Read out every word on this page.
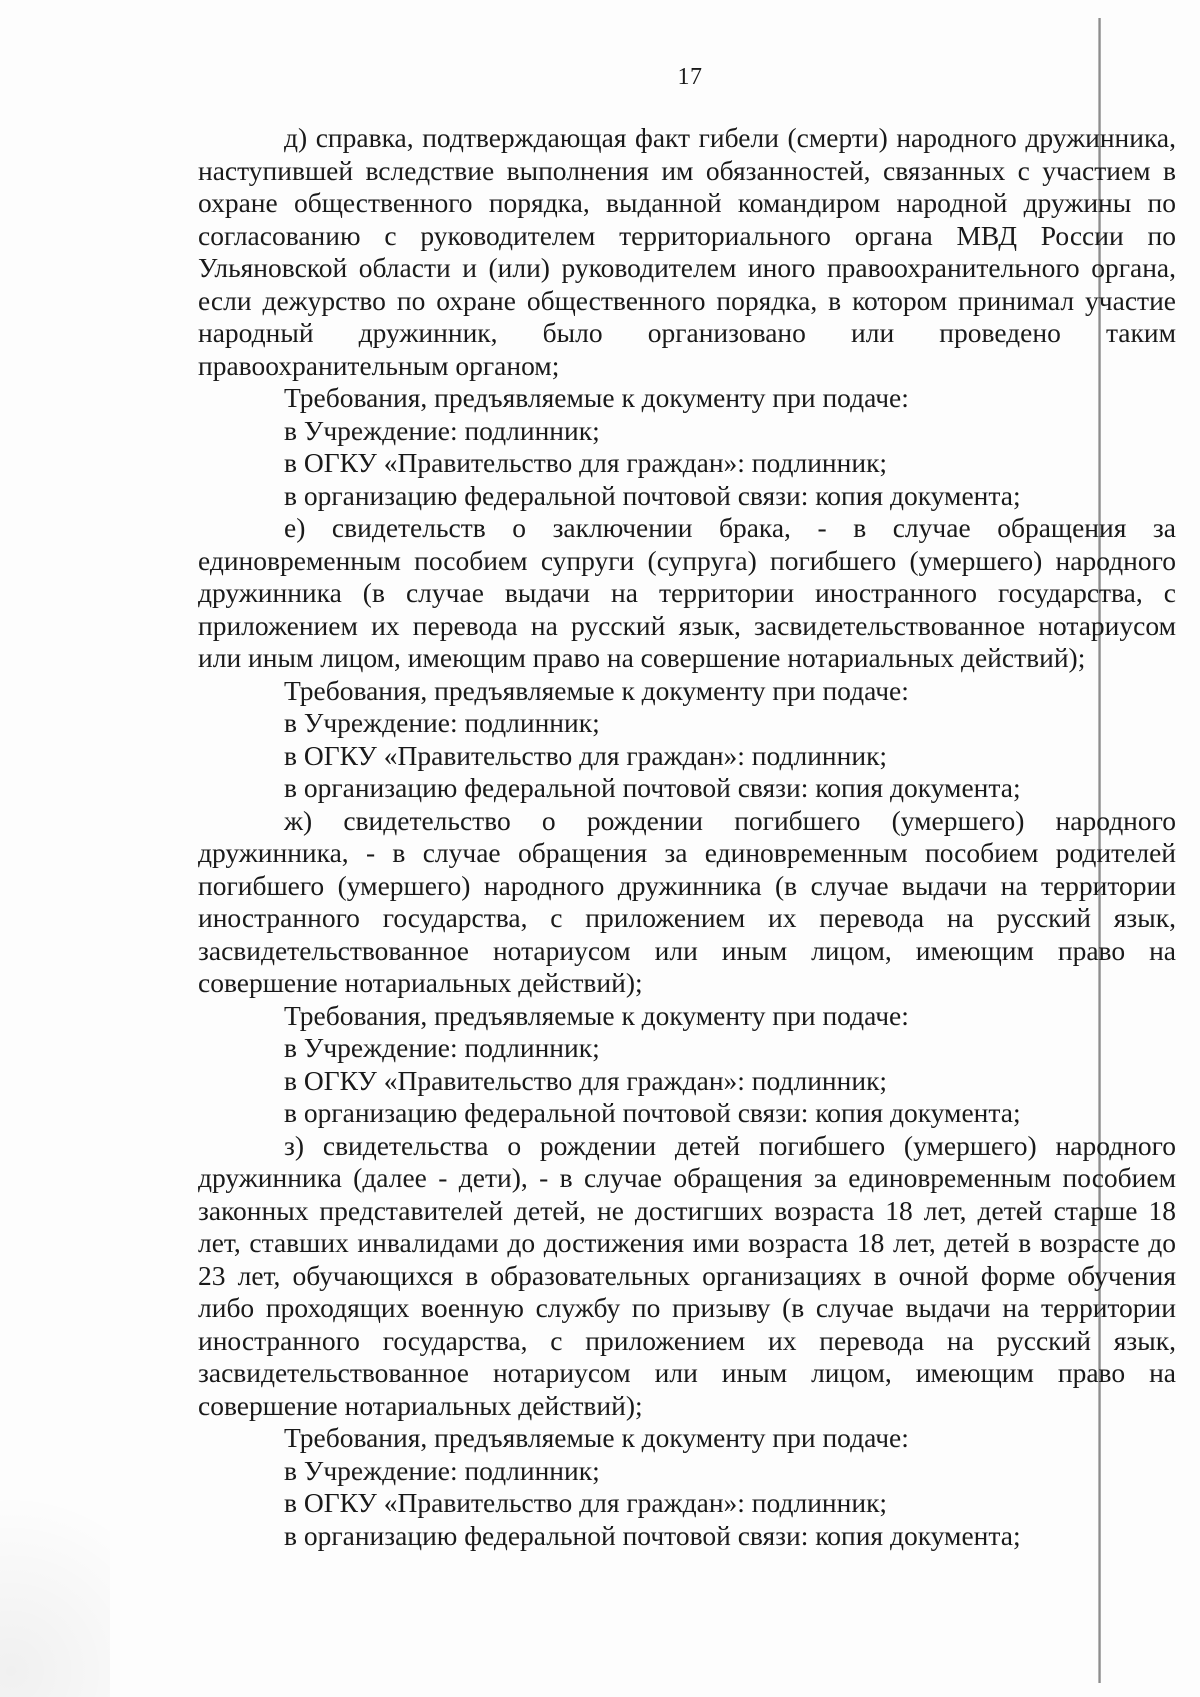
17

д) справка, подтверждающая факт гибели (смерти) народного дружинника, наступившей вследствие выполнения им обязанностей, связанных с участием в охране общественного порядка, выданной командиром народной дружины по согласованию с руководителем территориального органа МВД России по Ульяновской области и (или) руководителем иного правоохранительного органа, если дежурство по охране общественного порядка, в котором принимал участие народный дружинник, было организовано или проведено таким правоохранительным органом;

Требования, предъявляемые к документу при подаче:

в Учреждение: подлинник;

в ОГКУ «Правительство для граждан»: подлинник;

в организацию федеральной почтовой связи: копия документа;

е) свидетельств о заключении брака, - в случае обращения за единовременным пособием супруги (супруга) погибшего (умершего) народного дружинника (в случае выдачи на территории иностранного государства, с приложением их перевода на русский язык, засвидетельствованное нотариусом или иным лицом, имеющим право на совершение нотариальных действий);

Требования, предъявляемые к документу при подаче:

в Учреждение: подлинник;

в ОГКУ «Правительство для граждан»: подлинник;

в организацию федеральной почтовой связи: копия документа;

ж) свидетельство о рождении погибшего (умершего) народного дружинника, - в случае обращения за единовременным пособием родителей погибшего (умершего) народного дружинника (в случае выдачи на территории иностранного государства, с приложением их перевода на русский язык, засвидетельствованное нотариусом или иным лицом, имеющим право на совершение нотариальных действий);

Требования, предъявляемые к документу при подаче:

в Учреждение: подлинник;

в ОГКУ «Правительство для граждан»: подлинник;

в организацию федеральной почтовой связи: копия документа;

з) свидетельства о рождении детей погибшего (умершего) народного дружинника (далее - дети), - в случае обращения за единовременным пособием законных представителей детей, не достигших возраста 18 лет, детей старше 18 лет, ставших инвалидами до достижения ими возраста 18 лет, детей в возрасте до 23 лет, обучающихся в образовательных организациях в очной форме обучения либо проходящих военную службу по призыву (в случае выдачи на территории иностранного государства, с приложением их перевода на русский язык, засвидетельствованное нотариусом или иным лицом, имеющим право на совершение нотариальных действий);

Требования, предъявляемые к документу при подаче:

в Учреждение: подлинник;

в ОГКУ «Правительство для граждан»: подлинник;

в организацию федеральной почтовой связи: копия документа;
